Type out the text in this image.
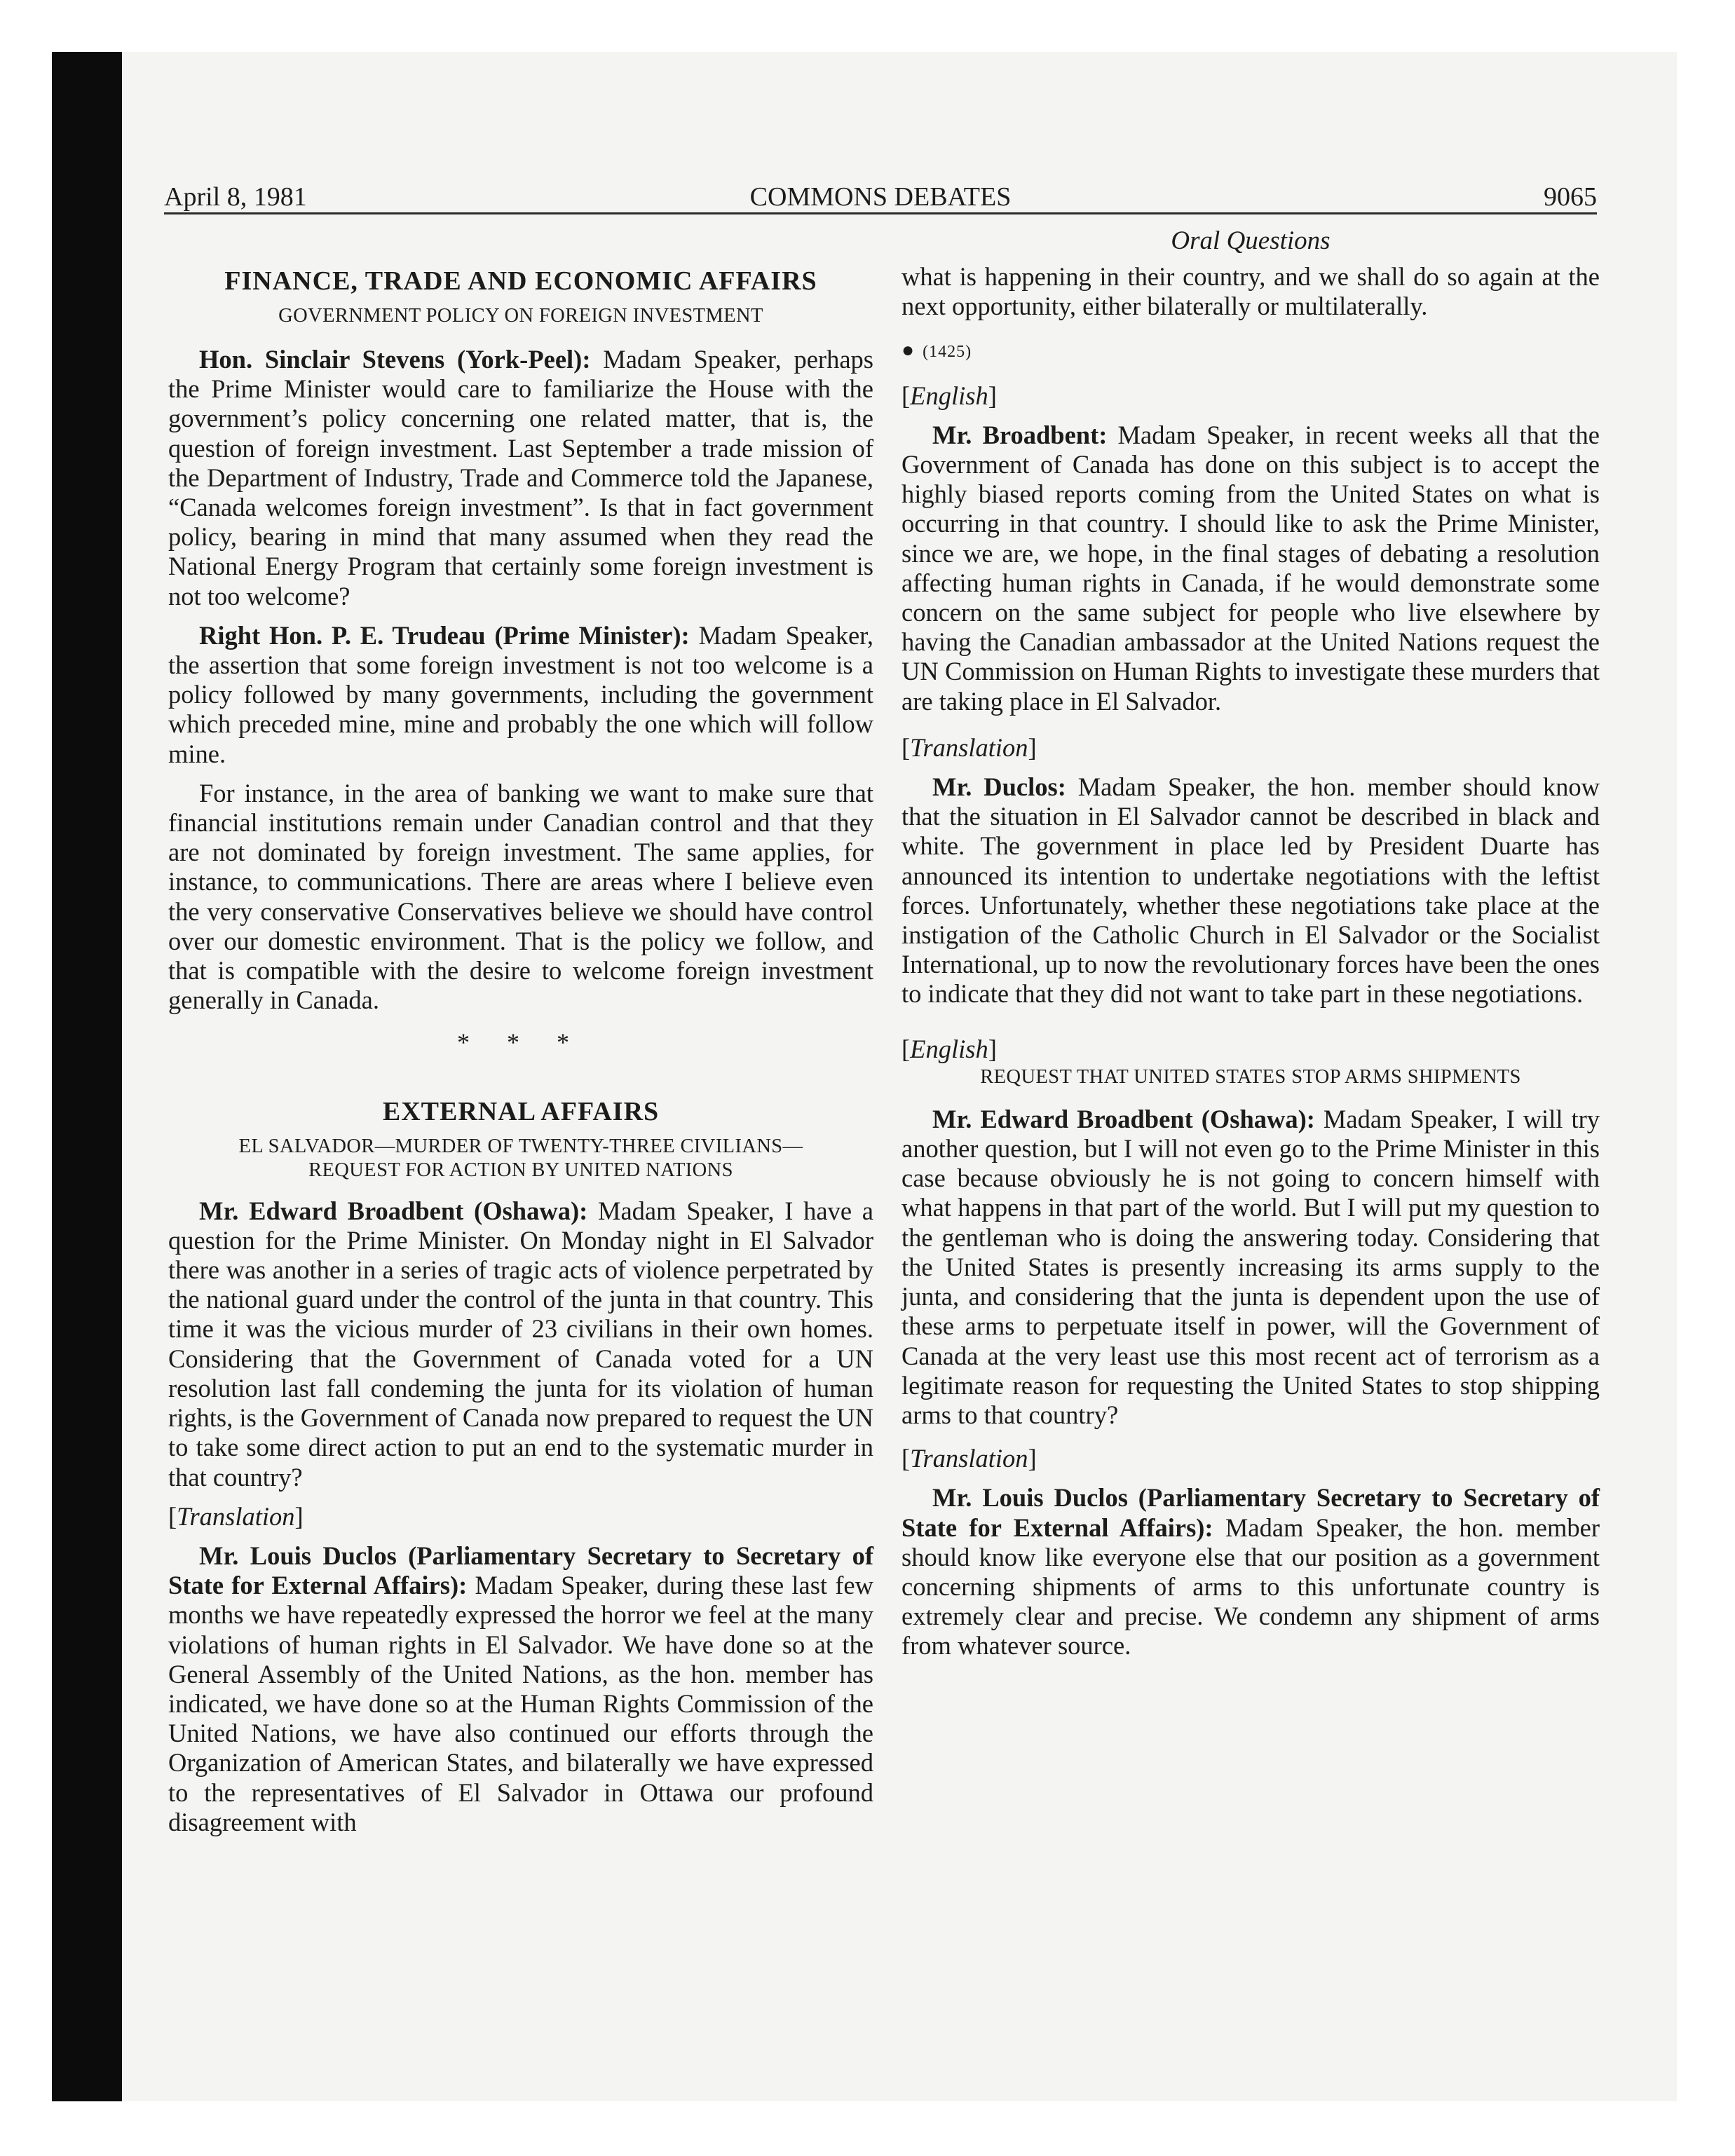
April 8, 1981	COMMONS DEBATES	9065
FINANCE, TRADE AND ECONOMIC AFFAIRS
GOVERNMENT POLICY ON FOREIGN INVESTMENT

Hon. Sinclair Stevens (York-Peel): Madam Speaker, perhaps the Prime Minister would care to familiarize the House with the government’s policy concerning one related matter, that is, the question of foreign investment. Last September a trade mission of the Department of Industry, Trade and Commerce told the Japanese, “Canada welcomes foreign investment”. Is that in fact government policy, bearing in mind that many assumed when they read the National Energy Program that certainly some foreign investment is not too welcome?

Right Hon. P. E. Trudeau (Prime Minister): Madam Speaker, the assertion that some foreign investment is not too welcome is a policy followed by many governments, including the government which preceded mine, mine and probably the one which will follow mine.

For instance, in the area of banking we want to make sure that financial institutions remain under Canadian control and that they are not dominated by foreign investment. The same applies, for instance, to communications. There are areas where I believe even the very conservative Conservatives believe we should have control over our domestic environment. That is the policy we follow, and that is compatible with the desire to welcome foreign investment generally in Canada.

* * *
EXTERNAL AFFAIRS
EL SALVADOR—MURDER OF TWENTY-THREE CIVILIANS—
REQUEST FOR ACTION BY UNITED NATIONS

Mr. Edward Broadbent (Oshawa): Madam Speaker, I have a question for the Prime Minister. On Monday night in El Salvador there was another in a series of tragic acts of violence perpetrated by the national guard under the control of the junta in that country. This time it was the vicious murder of 23 civilians in their own homes. Considering that the Government of Canada voted for a UN resolution last fall condeming the junta for its violation of human rights, is the Government of Canada now prepared to request the UN to take some direct action to put an end to the systematic murder in that country?

[Translation]

Mr. Louis Duclos (Parliamentary Secretary to Secretary of State for External Affairs): Madam Speaker, during these last few months we have repeatedly expressed the horror we feel at the many violations of human rights in El Salvador. We have done so at the General Assembly of the United Nations, as the hon. member has indicated, we have done so at the Human Rights Commission of the United Nations, we have also continued our efforts through the Organization of American States, and bilaterally we have expressed to the representatives of El Salvador in Ottawa our profound disagreement with

Oral Questions

what is happening in their country, and we shall do so again at the next opportunity, either bilaterally or multilaterally.

● (1425)

[English]

Mr. Broadbent: Madam Speaker, in recent weeks all that the Government of Canada has done on this subject is to accept the highly biased reports coming from the United States on what is occurring in that country. I should like to ask the Prime Minister, since we are, we hope, in the final stages of debating a resolution affecting human rights in Canada, if he would demonstrate some concern on the same subject for people who live elsewhere by having the Canadian ambassador at the United Nations request the UN Commission on Human Rights to investigate these murders that are taking place in El Salvador.

[Translation]

Mr. Duclos: Madam Speaker, the hon. member should know that the situation in El Salvador cannot be described in black and white. The government in place led by President Duarte has announced its intention to undertake negotiations with the leftist forces. Unfortunately, whether these negotiations take place at the instigation of the Catholic Church in El Salvador or the Socialist International, up to now the revolutionary forces have been the ones to indicate that they did not want to take part in these negotiations.

[English]

REQUEST THAT UNITED STATES STOP ARMS SHIPMENTS

Mr. Edward Broadbent (Oshawa): Madam Speaker, I will try another question, but I will not even go to the Prime Minister in this case because obviously he is not going to concern himself with what happens in that part of the world. But I will put my question to the gentleman who is doing the answering today. Considering that the United States is presently increasing its arms supply to the junta, and considering that the junta is dependent upon the use of these arms to perpetuate itself in power, will the Government of Canada at the very least use this most recent act of terrorism as a legitimate reason for requesting the United States to stop shipping arms to that country?

[Translation]

Mr. Louis Duclos (Parliamentary Secretary to Secretary of State for External Affairs): Madam Speaker, the hon. member should know like everyone else that our position as a government concerning shipments of arms to this unfortunate country is extremely clear and precise. We condemn any shipment of arms from whatever source.
